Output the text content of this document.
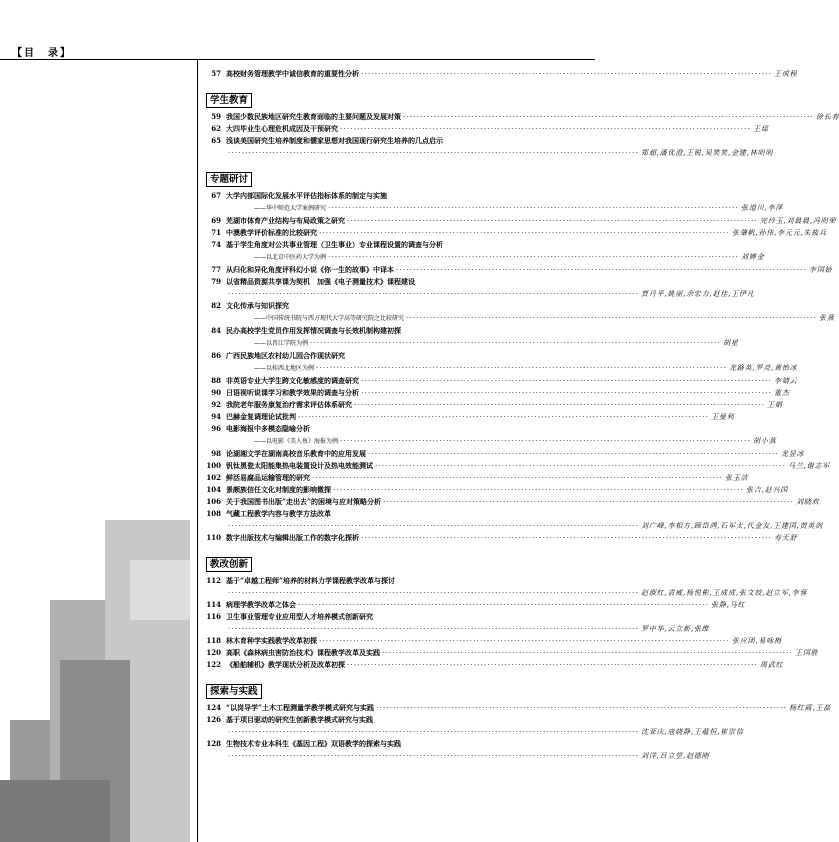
【目　录】
57 高校财务管理教学中诚信教育的重要性分析 ························································································································ 王成程
学生教育
59 我国少数民族地区研究生教育面临的主要问题及发展对策 ························································································································ 徐长春
62 大四毕业生心理危机成因及干预研究 ························································································································ 王瑶
65 浅谈美国研究生培养制度和儒家思想对我国现行研究生培养的几点启示
························································································································ 郑超,潘优澄,王锐,吴笑笑,金建,林明明
专题研讨
67 大学内部国际化发展水平评估指标体系的制定与实施
——华中师范大学案例研究 ························································································································ 张道川,李萍
69 芜湖市体育产业结构与布局政策之研究 ························································································································ 完玲玉,刘晨晨,冯明荣
71 中澳教学评价标准的比较研究 ························································································································ 张肇帆,孙伟,李元元,朱筱兵
74 基于学生角度对公共事业管理（卫生事业）专业课程设置的调查与分析
——以北京中医药大学为例 ························································································································ 刘婵金
77 从归化和异化角度评科幻小说《你一生的故事》中译本 ························································································································ 李国娇
79 以省精品资源共享课为契机　加强《电子测量技术》课程建设
························································································································ 贾丹平,姚丽,余宏力,赵佳,王伊凡
82 文化传承与知识探究
——中国传统书院与西方现代大学高等研究院之比较研究 ························································································································ 张燕
84 民办高校学生党员作用发挥情况调查与长效机制构建初探
——以晋江学院为例 ························································································································ 胡星
86 广西民族地区农村幼儿园合作现状研究
——以桂西北地区为例 ························································································································ 龙路英,罗亮,黄怡冰
88 非英语专业大学生跨文化敏感度的调查研究 ························································································································ 李婧云
90 日语视听说课学习和教学效果的调查与分析 ························································································································ 董杰
92 我院老年服务康复治疗需求评估体系研究 ························································································································ 王娟
94 巴赫金复调理论试批判 ························································································································ 王曼利
96 电影海报中多模态隐喻分析
——以电影《美人鱼》海报为例 ························································································································ 胡小燕
98 论湖湘文学在湖南高校音乐教育中的应用发展 ························································································································ 龙显冰
100 钒钛黑瓷太阳能集热电装置设计及热电效能测试 ························································································································ 马兰,谢志军
102 鲜活易腐品运输管理的研究 ························································································································ 张玉洁
104 景颇族信任文化对制度的影响微探 ························································································································ 张吉,赵兴国
106 关于我国图书出版“走出去”的困境与应对策略分析 ························································································································ 刘晓欢
108 气藏工程教学内容与教学方法改革
························································································································ 刘广峰,李相方,顾岱鸿,石军太,代金友,王建国,贾英剑
110 数字出版技术与编辑出版工作的数字化探析 ························································································································ 寿天舒
教改创新
112 基于“卓越工程师”培养的材料力学课程教学改革与探讨
························································································································ 赵淑红,袁威,杨悦彬,王成成,张文姣,赵立军,李蓉
114 病理学教学改革之体会 ························································································································ 张静,马红
116 卫生事业管理专业应用型人才培养模式创新研究
························································································································ 罗中华,云立新,张维
118 林木育种学实践教学改革初探 ························································································································ 张应团,易咏梅
120 高职《森林病虫害防治技术》课程教学改革及实践 ························································································································ 王国胜
122 《船舶辅机》教学现状分析及改革初探 ························································································································ 周武红
探索与实践
124 “以岗导学”土木工程测量学教学模式研究与实践 ························································································································ 杨红霞,王磊
126 基于项目驱动的研究生创新教学模式研究与实践
························································································································ 沈亚庆,寇晓静,王蕴恒,崔崇信
128 生物技术专业本科生《基因工程》双语教学的探索与实践
························································································································ 刘洋,吕立堂,赵德刚
